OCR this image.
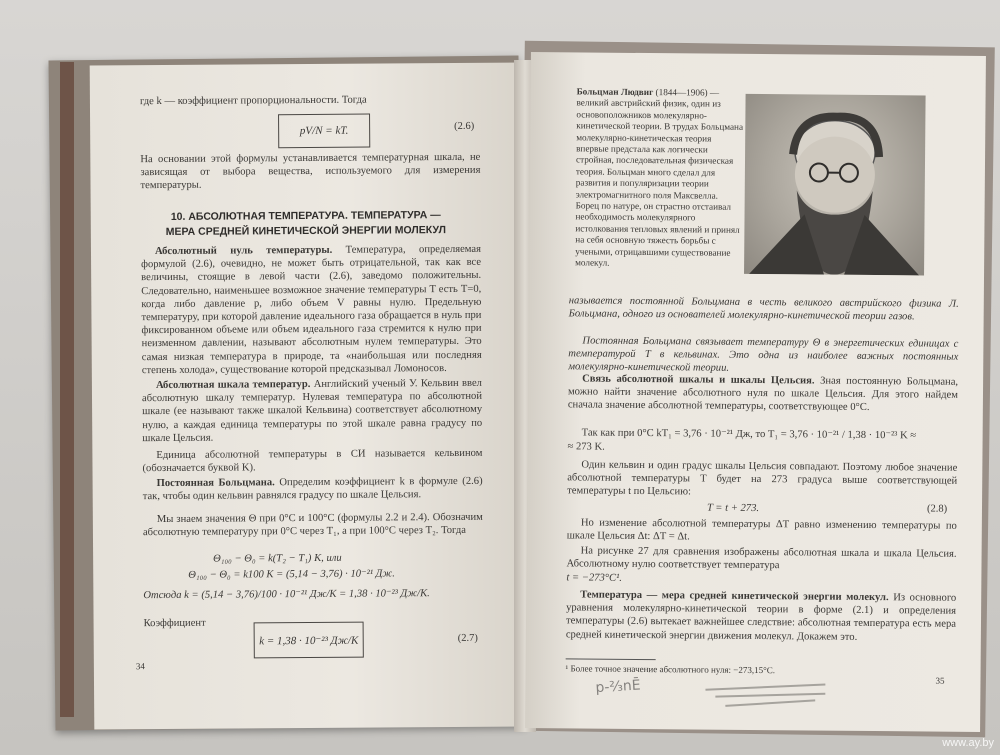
где k — коэффициент пропорциональности. Тогда
pV/N = kT.	(2.6)
На основании этой формулы устанавливается температурная шкала, не зависящая от выбора вещества, используемого для измерения температуры.
10. АБСОЛЮТНАЯ ТЕМПЕРАТУРА. ТЕМПЕРАТУРА —
МЕРА СРЕДНЕЙ КИНЕТИЧЕСКОЙ ЭНЕРГИИ МОЛЕКУЛ
Абсолютный нуль температуры. Температура, определяемая формулой (2.6), очевидно, не может быть отрицательной, так как все величины, стоящие в левой части (2.6), заведомо положительны. Следовательно, наименьшее возможное значение температуры T есть T=0, когда либо давление p, либо объем V равны нулю. Предельную температуру, при которой давление идеального газа обращается в нуль при фиксированном объеме или объем идеального газа стремится к нулю при неизменном давлении, называют абсолютным нулем температуры. Это самая низкая температура в природе, та «наибольшая или последняя степень холода», существование которой предсказывал Ломоносов.
Абсолютная шкала температур. Английский ученый У. Кельвин ввел абсолютную шкалу температур. Нулевая температура по абсолютной шкале (ее называют также шкалой Кельвина) соответствует абсолютному нулю, а каждая единица температуры по этой шкале равна градусу по шкале Цельсия.
Единица абсолютной температуры в СИ называется кельвином (обозначается буквой K).
Постоянная Больцмана. Определим коэффициент k в формуле (2.6) так, чтобы один кельвин равнялся градусу по шкале Цельсия.
Мы знаем значения Θ при 0°C и 100°C (формулы 2.2 и 2.4). Обозначим абсолютную температуру при 0°C через T₁, а при 100°C через T₂. Тогда
Θ₁₀₀ − Θ₀ = k(T₂ − T₁) K, или
Θ₁₀₀ − Θ₀ = k100 K = (5,14 − 3,76) · 10⁻²¹ Дж.
Отсюда k = (5,14 − 3,76)/100 · 10⁻²¹ Дж/К = 1,38 · 10⁻²³ Дж/К.
Коэффициент
k = 1,38 · 10⁻²³ Дж/К	(2.7)
34
Больцман Людвиг (1844—1906) — великий австрийский физик, один из основоположников молекулярно-кинетической теории. В трудах Больцмана молекулярно-кинетическая теория впервые предстала как логически стройная, последовательная физическая теория. Больцман много сделал для развития и популяризации теории электромагнитного поля Максвелла. Борец по натуре, он страстно отстаивал необходимость молекулярного истолкования тепловых явлений и принял на себя основную тяжесть борьбы с учеными, отрицавшими существование молекул.
называется постоянной Больцмана в честь великого австрийского физика Л. Больцмана, одного из основателей молекулярно-кинетической теории газов.
Постоянная Больцмана связывает температуру Θ в энергетических единицах с температурой T в кельвинах. Это одна из наиболее важных постоянных молекулярно-кинетической теории.
Связь абсолютной шкалы и шкалы Цельсия. Зная постоянную Больцмана, можно найти значение абсолютного нуля по шкале Цельсия. Для этого найдем сначала значение абсолютной температуры, соответствующее 0°C.
Так как при 0°C kT₁ = 3,76 · 10⁻²¹ Дж, то T₁ = 3,76 · 10⁻²¹ / 1,38 · 10⁻²³ K ≈
≈ 273 K.
Один кельвин и один градус шкалы Цельсия совпадают. Поэтому любое значение абсолютной температуры T будет на 273 градуса выше соответствующей температуры t по Цельсию:
T = t + 273.	(2.8)
Но изменение абсолютной температуры ΔT равно изменению температуры по шкале Цельсия Δt: ΔT = Δt.
На рисунке 27 для сравнения изображены абсолютная шкала и шкала Цельсия. Абсолютному нулю соответствует температура
t = −273°C¹.
Температура — мера средней кинетической энергии молекул. Из основного уравнения молекулярно-кинетической теории в форме (2.1) и определения температуры (2.6) вытекает важнейшее следствие: абсолютная температура есть мера средней кинетической энергии движения молекул. Докажем это.
¹ Более точное значение абсолютного нуля: −273,15°C.
р-⅔nĒ	35
www.ay.by
